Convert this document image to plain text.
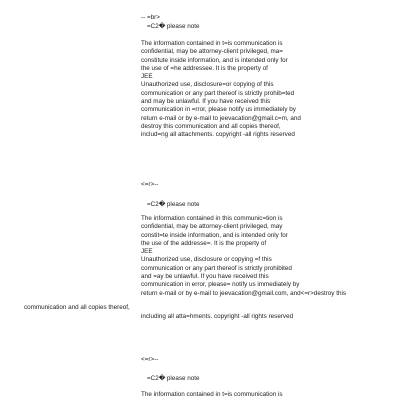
-- =br>
=C2� please note
The information contained in t=is communication is
confidential, may be attorney-client privileged, ma=
constitute inside information, and is intended only for
the use of =he addressee. It is the property of
JEE
Unauthorized use, disclosure=or copying of this
communication or any part thereof is strictly prohib=ted
and may be unlawful. If you have received this
communication in =rror, please notify us immediately by
return e-mail or by e-mail to jeevacation@gmail.c=m, and
destroy this communication and all copies thereof,
includ=ng all attachments. copyright -all rights reserved
<=r>--
=C2� please note
The information contained in this communic=tion is
confidential, may be attorney-client privileged, may
constit=te inside information, and is intended only for
the use of the addresse=. It is the property of
JEE
Unauthorized use, disclosure or copying =f this
communication or any part thereof is strictly prohibited
and =ay be unlawful. If you have received this
communication in error, please= notify us immediately by
return e-mail or by e-mail to jeevacation@gmail.com, and<=r>destroy this
communication and all copies thereof,
including all atta=hments. copyright -all rights reserved
<=r>--
=C2� please note
The information contained in t=is communication is
